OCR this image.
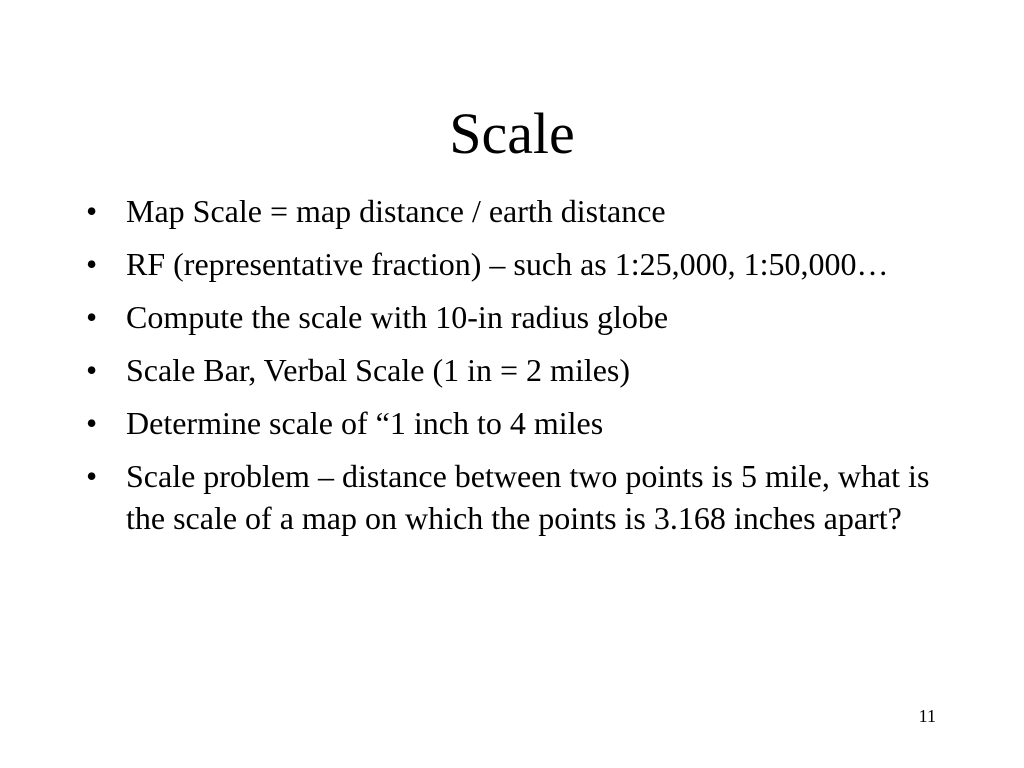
Scale
• Map Scale = map distance / earth distance
• RF (representative fraction) – such as 1:25,000, 1:50,000…
• Compute the scale with 10-in radius globe
• Scale Bar, Verbal Scale (1 in = 2 miles)
• Determine scale of “1 inch to 4 miles
• Scale problem – distance between two points is 5 mile, what is the scale of a map on which the points is 3.168 inches apart?
11
